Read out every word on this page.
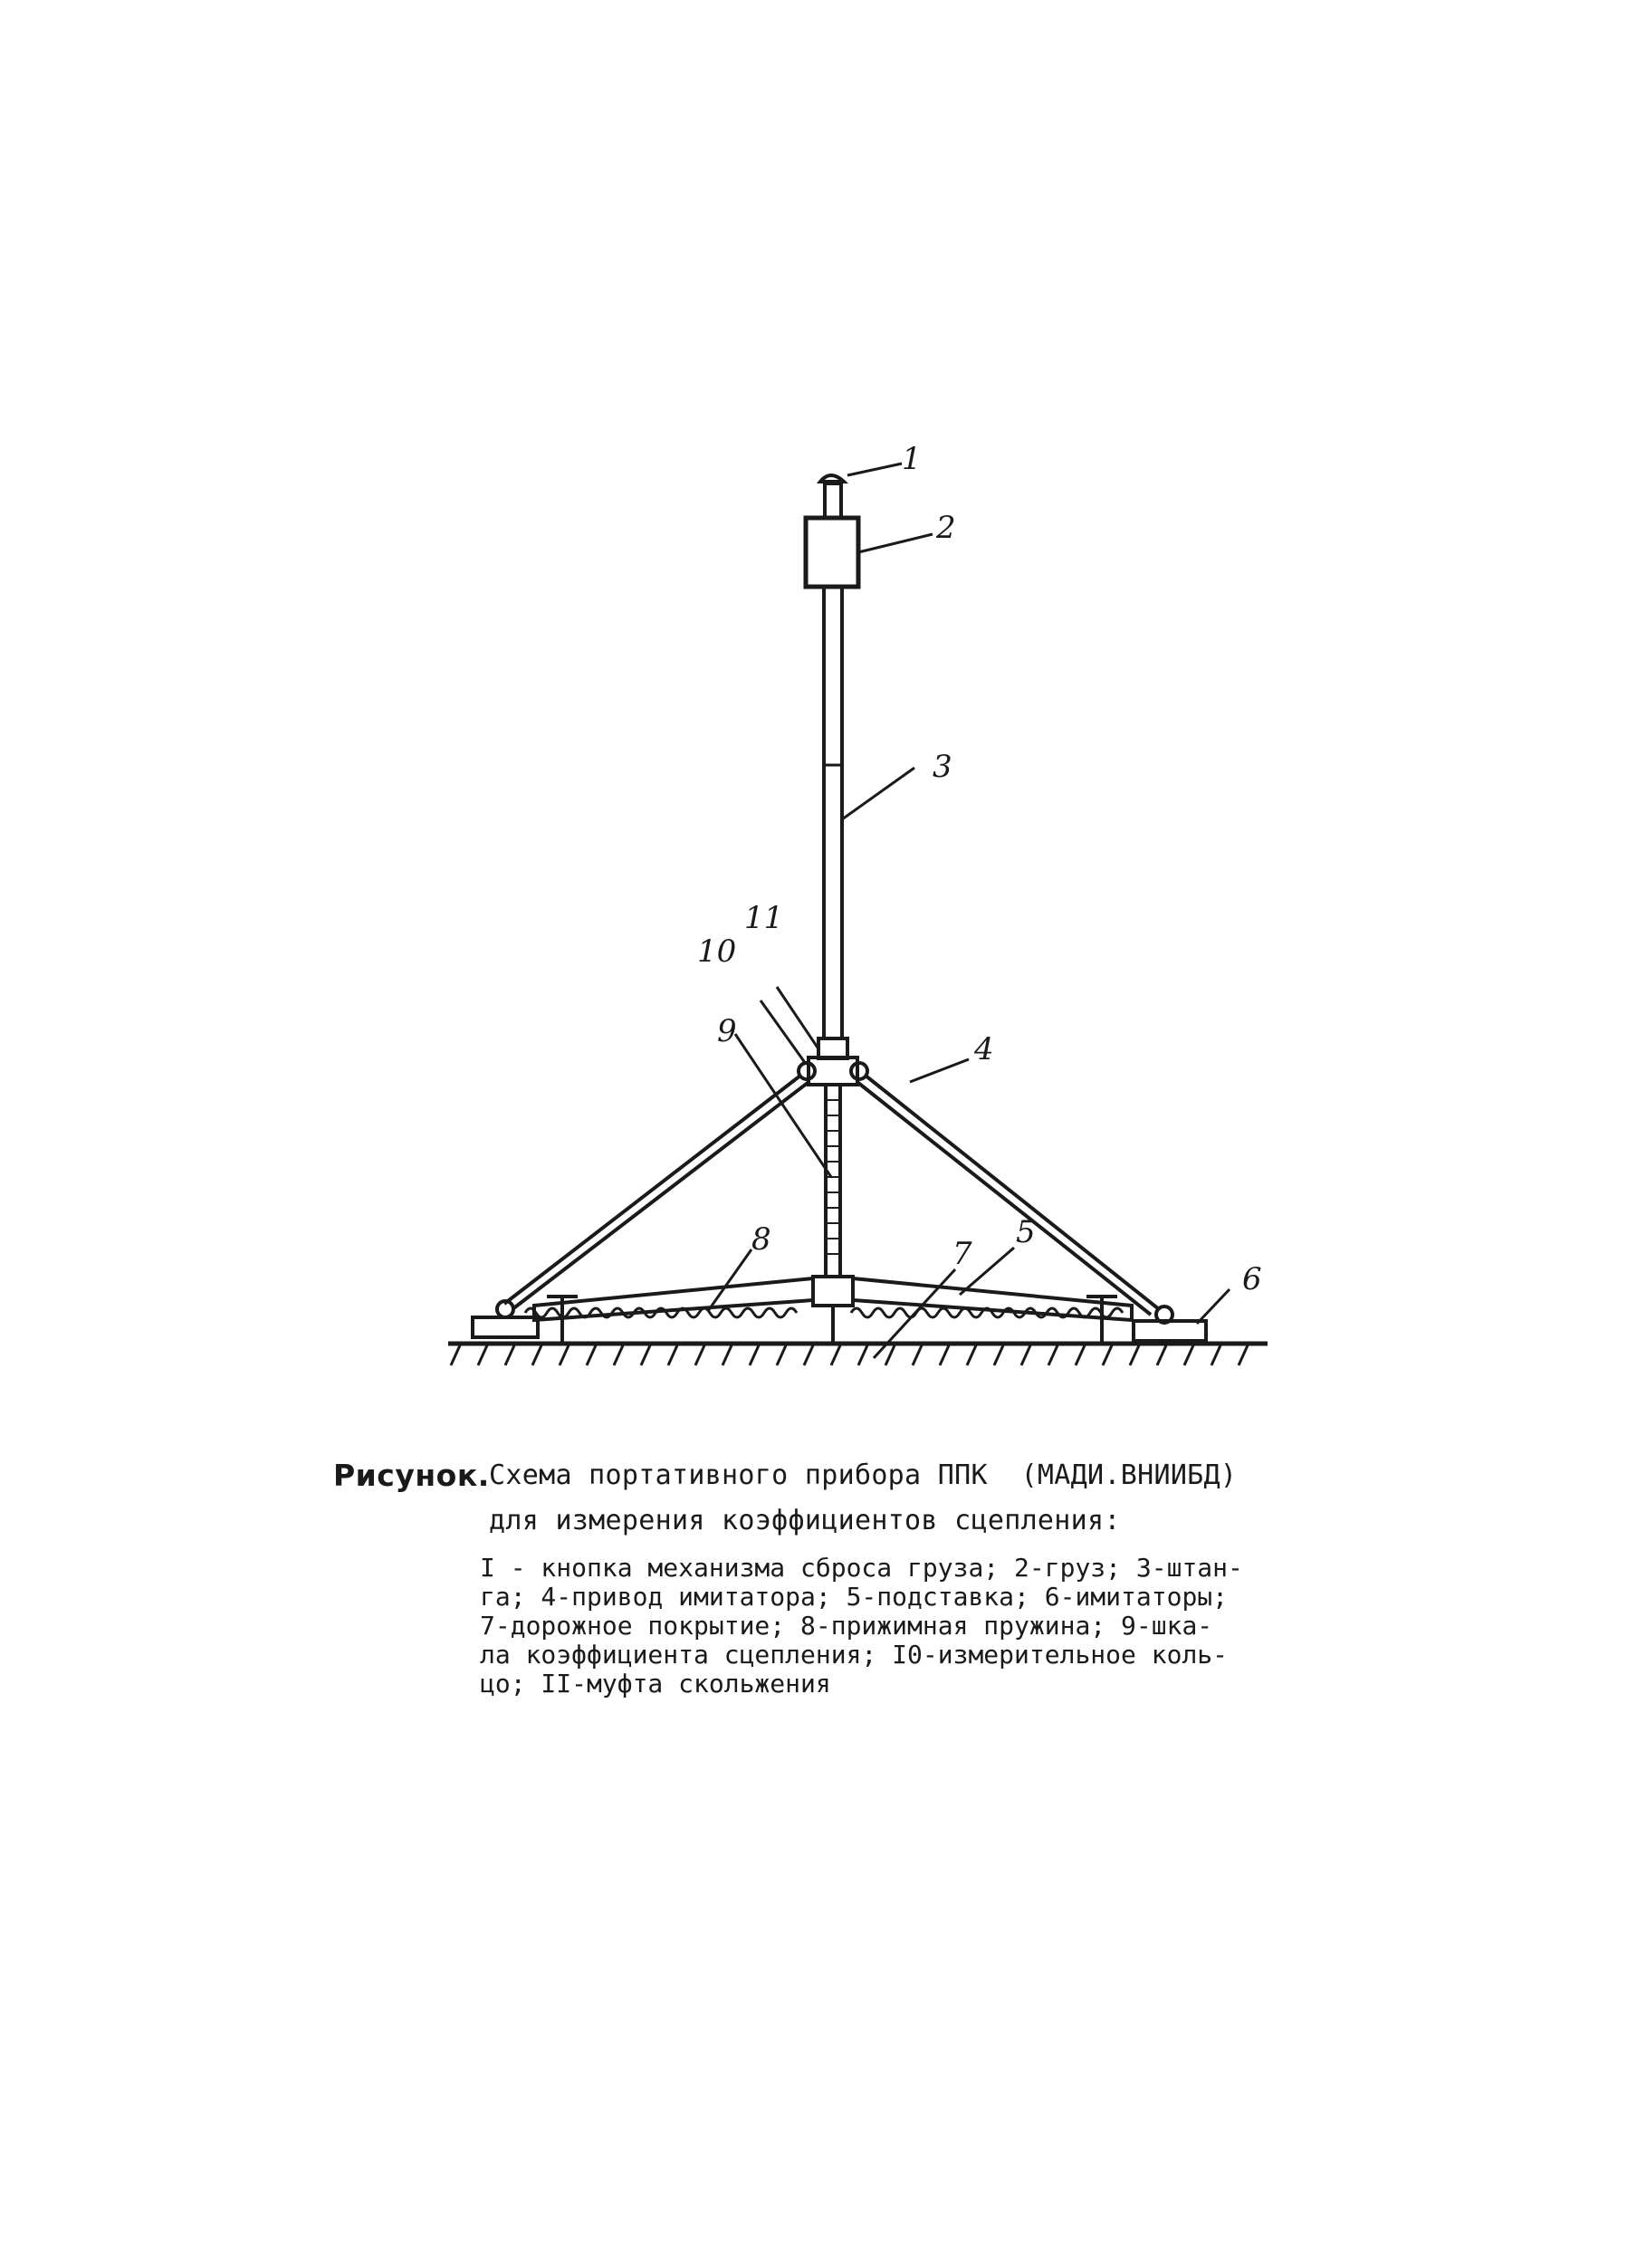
1
2
3
11
10
4
9
8	7
5
6
Рисунок. Схема портативного прибора ППК  (МАДИ.ВНИИБД)
для измерения коэффициентов сцепления:
I - кнопка механизма сброса груза; 2-груз; 3-штан-
га; 4-привод имитатора; 5-подставка; 6-имитаторы;
7-дорожное покрытие; 8-прижимная пружина; 9-шка-
ла коэффициента сцепления; I0-измерительное коль-
цо; II-муфта скольжения
